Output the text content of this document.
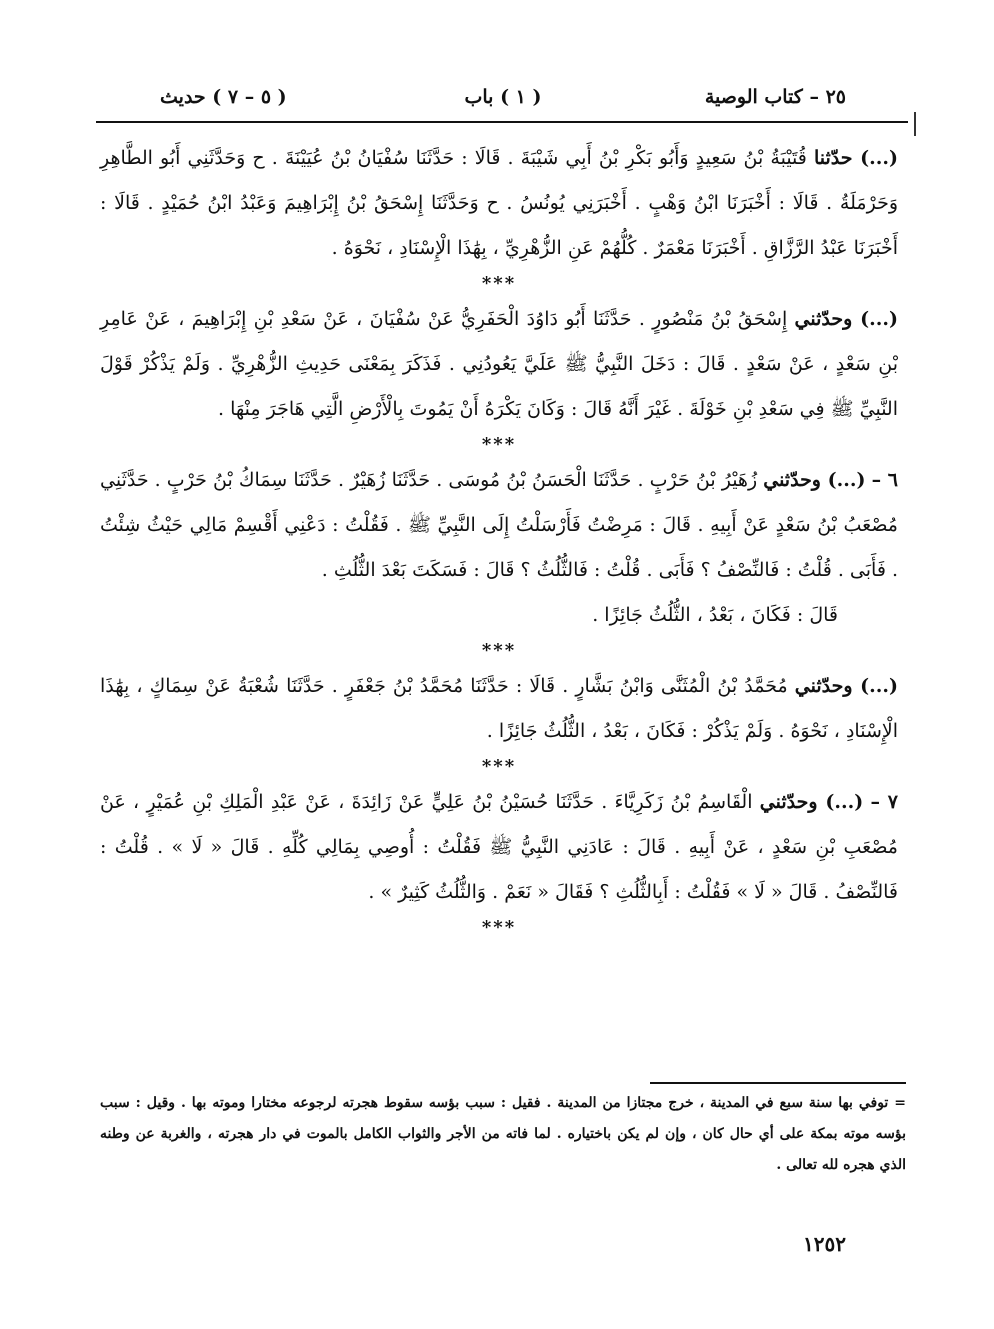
٢٥ – كتاب الوصية
( ١ ) باب
( ٥ – ٧ ) حديث

(...) حدّثنا قُتَيْبَةُ بْنُ سَعِيدٍ وَأَبُو بَكْرِ بْنُ أَبِي شَيْبَةَ . قَالَا : حَدَّثَنَا سُفْيَانُ بْنُ عُيَيْنَةَ . ح وَحَدَّثَنِي أَبُو الطَّاهِرِ وَحَرْمَلَةُ . قَالَا : أَخْبَرَنَا ابْنُ وَهْبٍ . أَخْبَرَنِي يُونُسُ . ح وَحَدَّثَنَا إِسْحَقُ بْنُ إِبْرَاهِيمَ وَعَبْدُ ابْنُ حُمَيْدٍ . قَالَا : أَخْبَرَنَا عَبْدُ الرَّزَّاقِ . أَخْبَرَنَا مَعْمَرٌ . كُلُّهُمْ عَنِ الزُّهْرِيِّ ، بِهَٰذَا الْإِسْنَادِ ، نَحْوَهُ .

***

(...) وحدّثني إِسْحَقُ بْنُ مَنْصُورٍ . حَدَّثَنَا أَبُو دَاوُدَ الْحَفَرِيُّ عَنْ سُفْيَانَ ، عَنْ سَعْدِ بْنِ إِبْرَاهِيمَ ، عَنْ عَامِرِ بْنِ سَعْدٍ ، عَنْ سَعْدٍ . قَالَ : دَخَلَ النَّبِيُّ ﷺ عَلَيَّ يَعُودُنِي . فَذَكَرَ بِمَعْنَى حَدِيثِ الزُّهْرِيِّ . وَلَمْ يَذْكُرْ قَوْلَ النَّبِيِّ ﷺ فِي سَعْدِ بْنِ خَوْلَةَ . غَيْرَ أَنَّهُ قَالَ : وَكَانَ يَكْرَهُ أَنْ يَمُوتَ بِالْأَرْضِ الَّتِي هَاجَرَ مِنْهَا .

***

٦ – (...) وحدّثني زُهَيْرُ بْنُ حَرْبٍ . حَدَّثَنَا الْحَسَنُ بْنُ مُوسَى . حَدَّثَنَا زُهَيْرٌ . حَدَّثَنَا سِمَاكُ بْنُ حَرْبٍ . حَدَّثَنِي مُصْعَبُ بْنُ سَعْدٍ عَنْ أَبِيهِ . قَالَ : مَرِضْتُ فَأَرْسَلْتُ إِلَى النَّبِيِّ ﷺ . فَقُلْتُ : دَعْنِي أَقْسِمْ مَالِي حَيْثُ شِئْتُ . فَأَبَى . قُلْتُ : فَالنِّصْفُ ؟ فَأَبَى . قُلْتُ : فَالثُّلُثُ ؟ قَالَ : فَسَكَتَ بَعْدَ الثُّلُثِ .

قَالَ : فَكَانَ ، بَعْدُ ، الثُّلُثُ جَائِزًا .

***

(...) وحدّثني مُحَمَّدُ بْنُ الْمُثَنَّى وَابْنُ بَشَّارٍ . قَالَا : حَدَّثَنَا مُحَمَّدُ بْنُ جَعْفَرٍ . حَدَّثَنَا شُعْبَةُ عَنْ سِمَاكٍ ، بِهَٰذَا الْإِسْنَادِ ، نَحْوَهُ . وَلَمْ يَذْكُرْ : فَكَانَ ، بَعْدُ ، الثُّلُثُ جَائِزًا .

***

٧ – (...) وحدّثني الْقَاسِمُ بْنُ زَكَرِيَّاءَ . حَدَّثَنَا حُسَيْنُ بْنُ عَلِيٍّ عَنْ زَائِدَةَ ، عَنْ عَبْدِ الْمَلِكِ بْنِ عُمَيْرٍ ، عَنْ مُصْعَبِ بْنِ سَعْدٍ ، عَنْ أَبِيهِ . قَالَ : عَادَنِي النَّبِيُّ ﷺ فَقُلْتُ : أُوصِي بِمَالِي كُلِّهِ . قَالَ « لَا » . قُلْتُ : فَالنِّصْفُ . قَالَ « لَا » فَقُلْتُ : أَبِالثُّلُثِ ؟ فَقَالَ « نَعَمْ . وَالثُّلُثُ كَثِيرٌ » .

***

= توفي بها سنة سبع في المدينة ، خرج مجتازا من المدينة . فقيل : سبب بؤسه سقوط هجرته لرجوعه مختارا وموته بها . وقيل : سبب بؤسه موته بمكة على أي حال كان ، وإن لم يكن باختياره . لما فاته من الأجر والثواب الكامل بالموت في دار هجرته ، والغربة عن وطنه الذي هجره لله تعالى .
١٢٥٢
